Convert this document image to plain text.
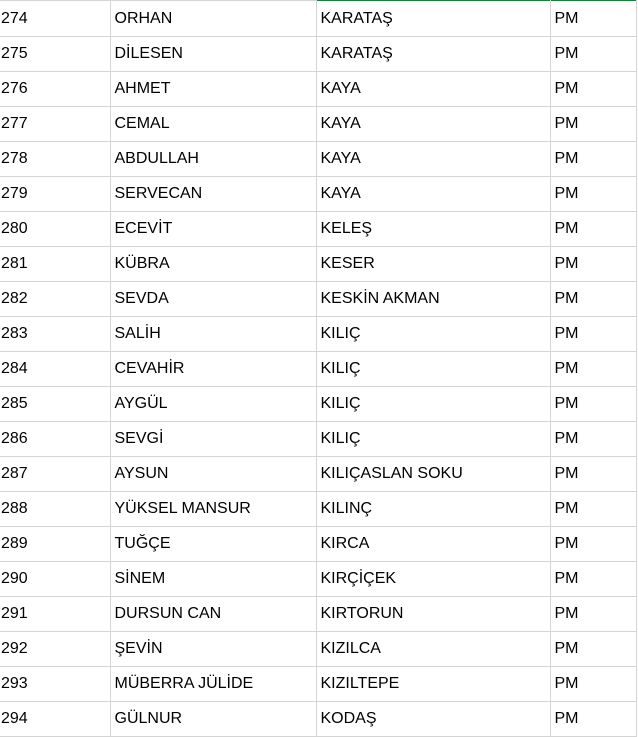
274	ORHAN	KARATAŞ	PM
275	DİLESEN	KARATAŞ	PM
276	AHMET	KAYA	PM
277	CEMAL	KAYA	PM
278	ABDULLAH	KAYA	PM
279	SERVECAN	KAYA	PM
280	ECEVİT	KELEŞ	PM
281	KÜBRA	KESER	PM
282	SEVDA	KESKİN AKMAN	PM
283	SALİH	KILIÇ	PM
284	CEVAHİR	KILIÇ	PM
285	AYGÜL	KILIÇ	PM
286	SEVGİ	KILIÇ	PM
287	AYSUN	KILIÇASLAN SOKU	PM
288	YÜKSEL MANSUR	KILINÇ	PM
289	TUĞÇE	KIRCA	PM
290	SİNEM	KIRÇİÇEK	PM
291	DURSUN CAN	KIRTORUN	PM
292	ŞEVİN	KIZILCA	PM
293	MÜBERRA JÜLİDE	KIZILTEPE	PM
294	GÜLNUR	KODAŞ	PM
